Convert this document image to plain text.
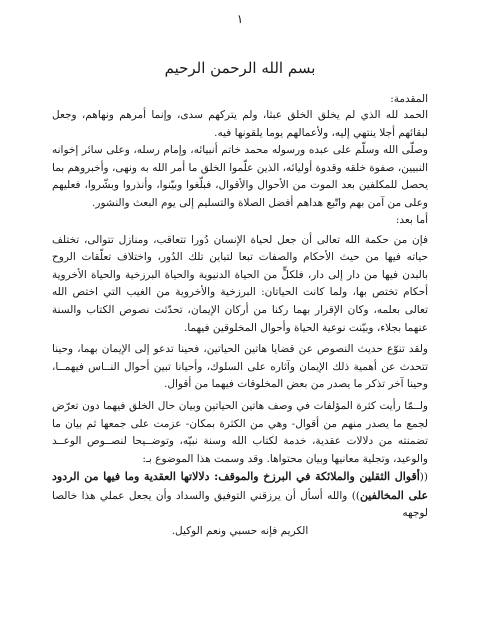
١
بسم الله الرحمن الرحيم

المقدمة:

الحمد لله الذي لم يخلق الخلق عبثا، ولم يتركهم سدى، وإنما أمرهم ونهاهم، وجعل لبقائهم أجلا ينتهي إليه، ولأعمالهم يوما يلقونها فيه.

وصلّى الله وسلّم على عبده ورسوله محمد خاتم أنبيائه، وإمام رسله، وعلى سائر إخوانه النبيين، صفوة خلقه وقدوة أوليائه، الذين علّموا الخلق ما أمر الله به ونهى، وأخبروهم بما يحصل للمكلفين بعد الموت من الأحوال والأقوال، فبلّغوا وبيّنوا، وأنذروا وبشّروا، فعليهم وعلى من آمن بهم واتّبع هداهم أفضل الصلاة والتسليم إلى يوم البعث والنشور.

أما بعد:

فإن من حكمة الله تعالى أن جعل لحياة الإنسان دُورا تتعاقب، ومنازل تتوالى، تختلف حياته فيها من حيث الأحكام والصفات تبعا لتباين تلك الدُور، واختلاف تعلّقات الروح بالبدن فيها من دار إلى دار، فلكلٍّ من الحياة الدنيوية والحياة البرزخية والحياة الأخروية أحكام تختص بها، ولما كانت الحياتان: البرزخية والأخروية من الغيب التي اختص الله تعالى بعلمه، وكان الإقرار بهما ركنا من أركان الإيمان، تحدّثت نصوص الكتاب والسنة عنهما بجلاء، وبيّنت نوعية الحياة وأحوال المخلوقين فيهما.

ولقد تنوّع حديث النصوص عن قضايا هاتين الحياتين، فحينا تدعو إلى الإيمان بهما، وحينا تتحدث عن أهمية ذلك الإيمان وآثاره على السلوك، وأحيانا تبين أحوال النــاس فيهمــا، وحينا آخر تذكر ما يصدر من بعض المخلوقات فيهما من أقوال.

ولــمّا رأيت كثرة المؤلفات في وصف هاتين الحياتين وبيان حال الخلق فيهما دون تعرّض لجمع ما يصدر منهم من أقوال- وهي من الكثرة بمكان- عزمت على جمعها ثم بيان ما تضمنته من دلالات عقدية، خدمة لكتاب الله وسنة نبيّه، وتوضــيحا لنصــوص الوعــد والوعيد، وتجلية معانيها وبيان محتواها. وقد وسمت هذا الموضوع بـ:

((أقوال الثقلين والملائكة في البرزخ والموقف: دلالاتها العقدية وما فيها من الردود على المخالفين)) والله أسأل أن يرزقني التوفيق والسداد وأن يجعل عملي هذا خالصا لوجهه

الكريم فإنه حسبي ونعم الوكيل.
